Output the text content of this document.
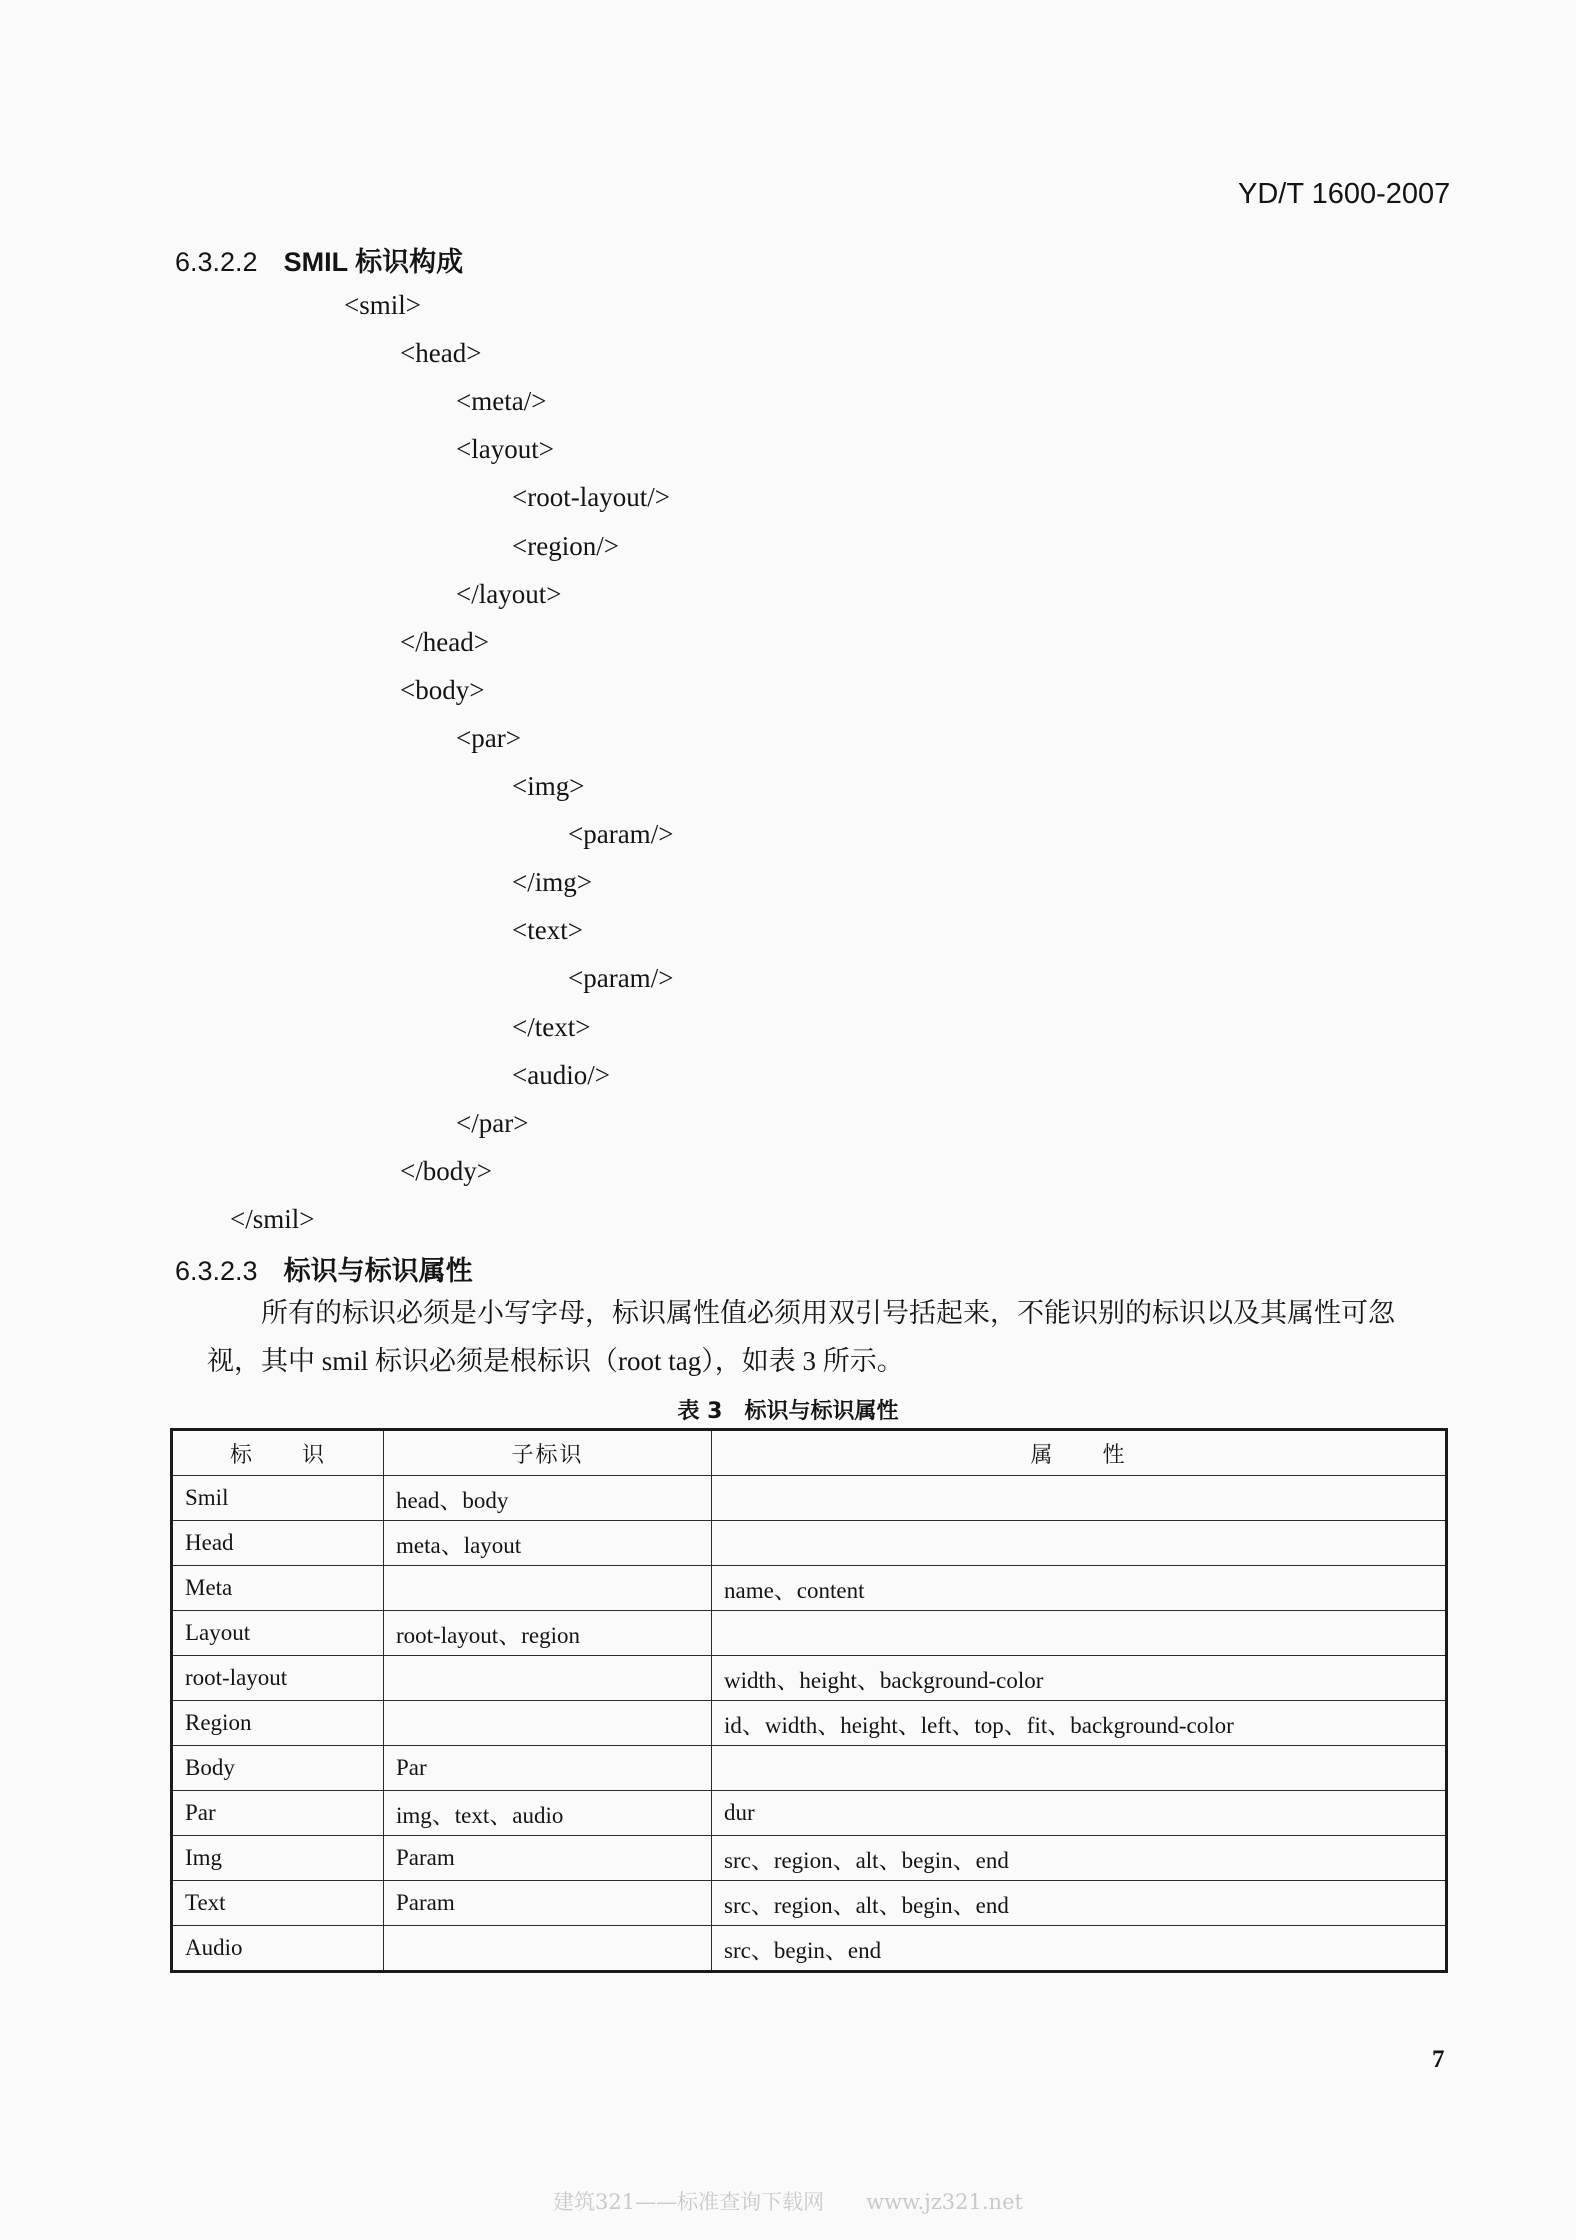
YD/T 1600-2007
6.3.2.2 SMIL 标识构成
<smil>
<head>
<meta/>
<layout>
<root-layout/>
<region/>
</layout>
</head>
<body>
<par>
<img>
<param/>
</img>
<text>
<param/>
</text>
<audio/>
</par>
</body>
</smil>
6.3.2.3 标识与标识属性

所有的标识必须是小写字母，标识属性值必须用双引号括起来，不能识别的标识以及其属性可忽

视，其中 smil 标识必须是根标识（root tag），如表 3 所示。

表 3　标识与标识属性
标　　识	子标识	属　　性
Smil	head、body	
Head	meta、layout	
Meta		name、content
Layout	root-layout、region	
root-layout		width、height、background-color
Region		id、width、height、left、top、fit、background-color
Body	Par	
Par	img、text、audio	dur
Img	Param	src、region、alt、begin、end
Text	Param	src、region、alt、begin、end
Audio		src、begin、end
7
建筑321——标准查询下载网　　www.jz321.net
